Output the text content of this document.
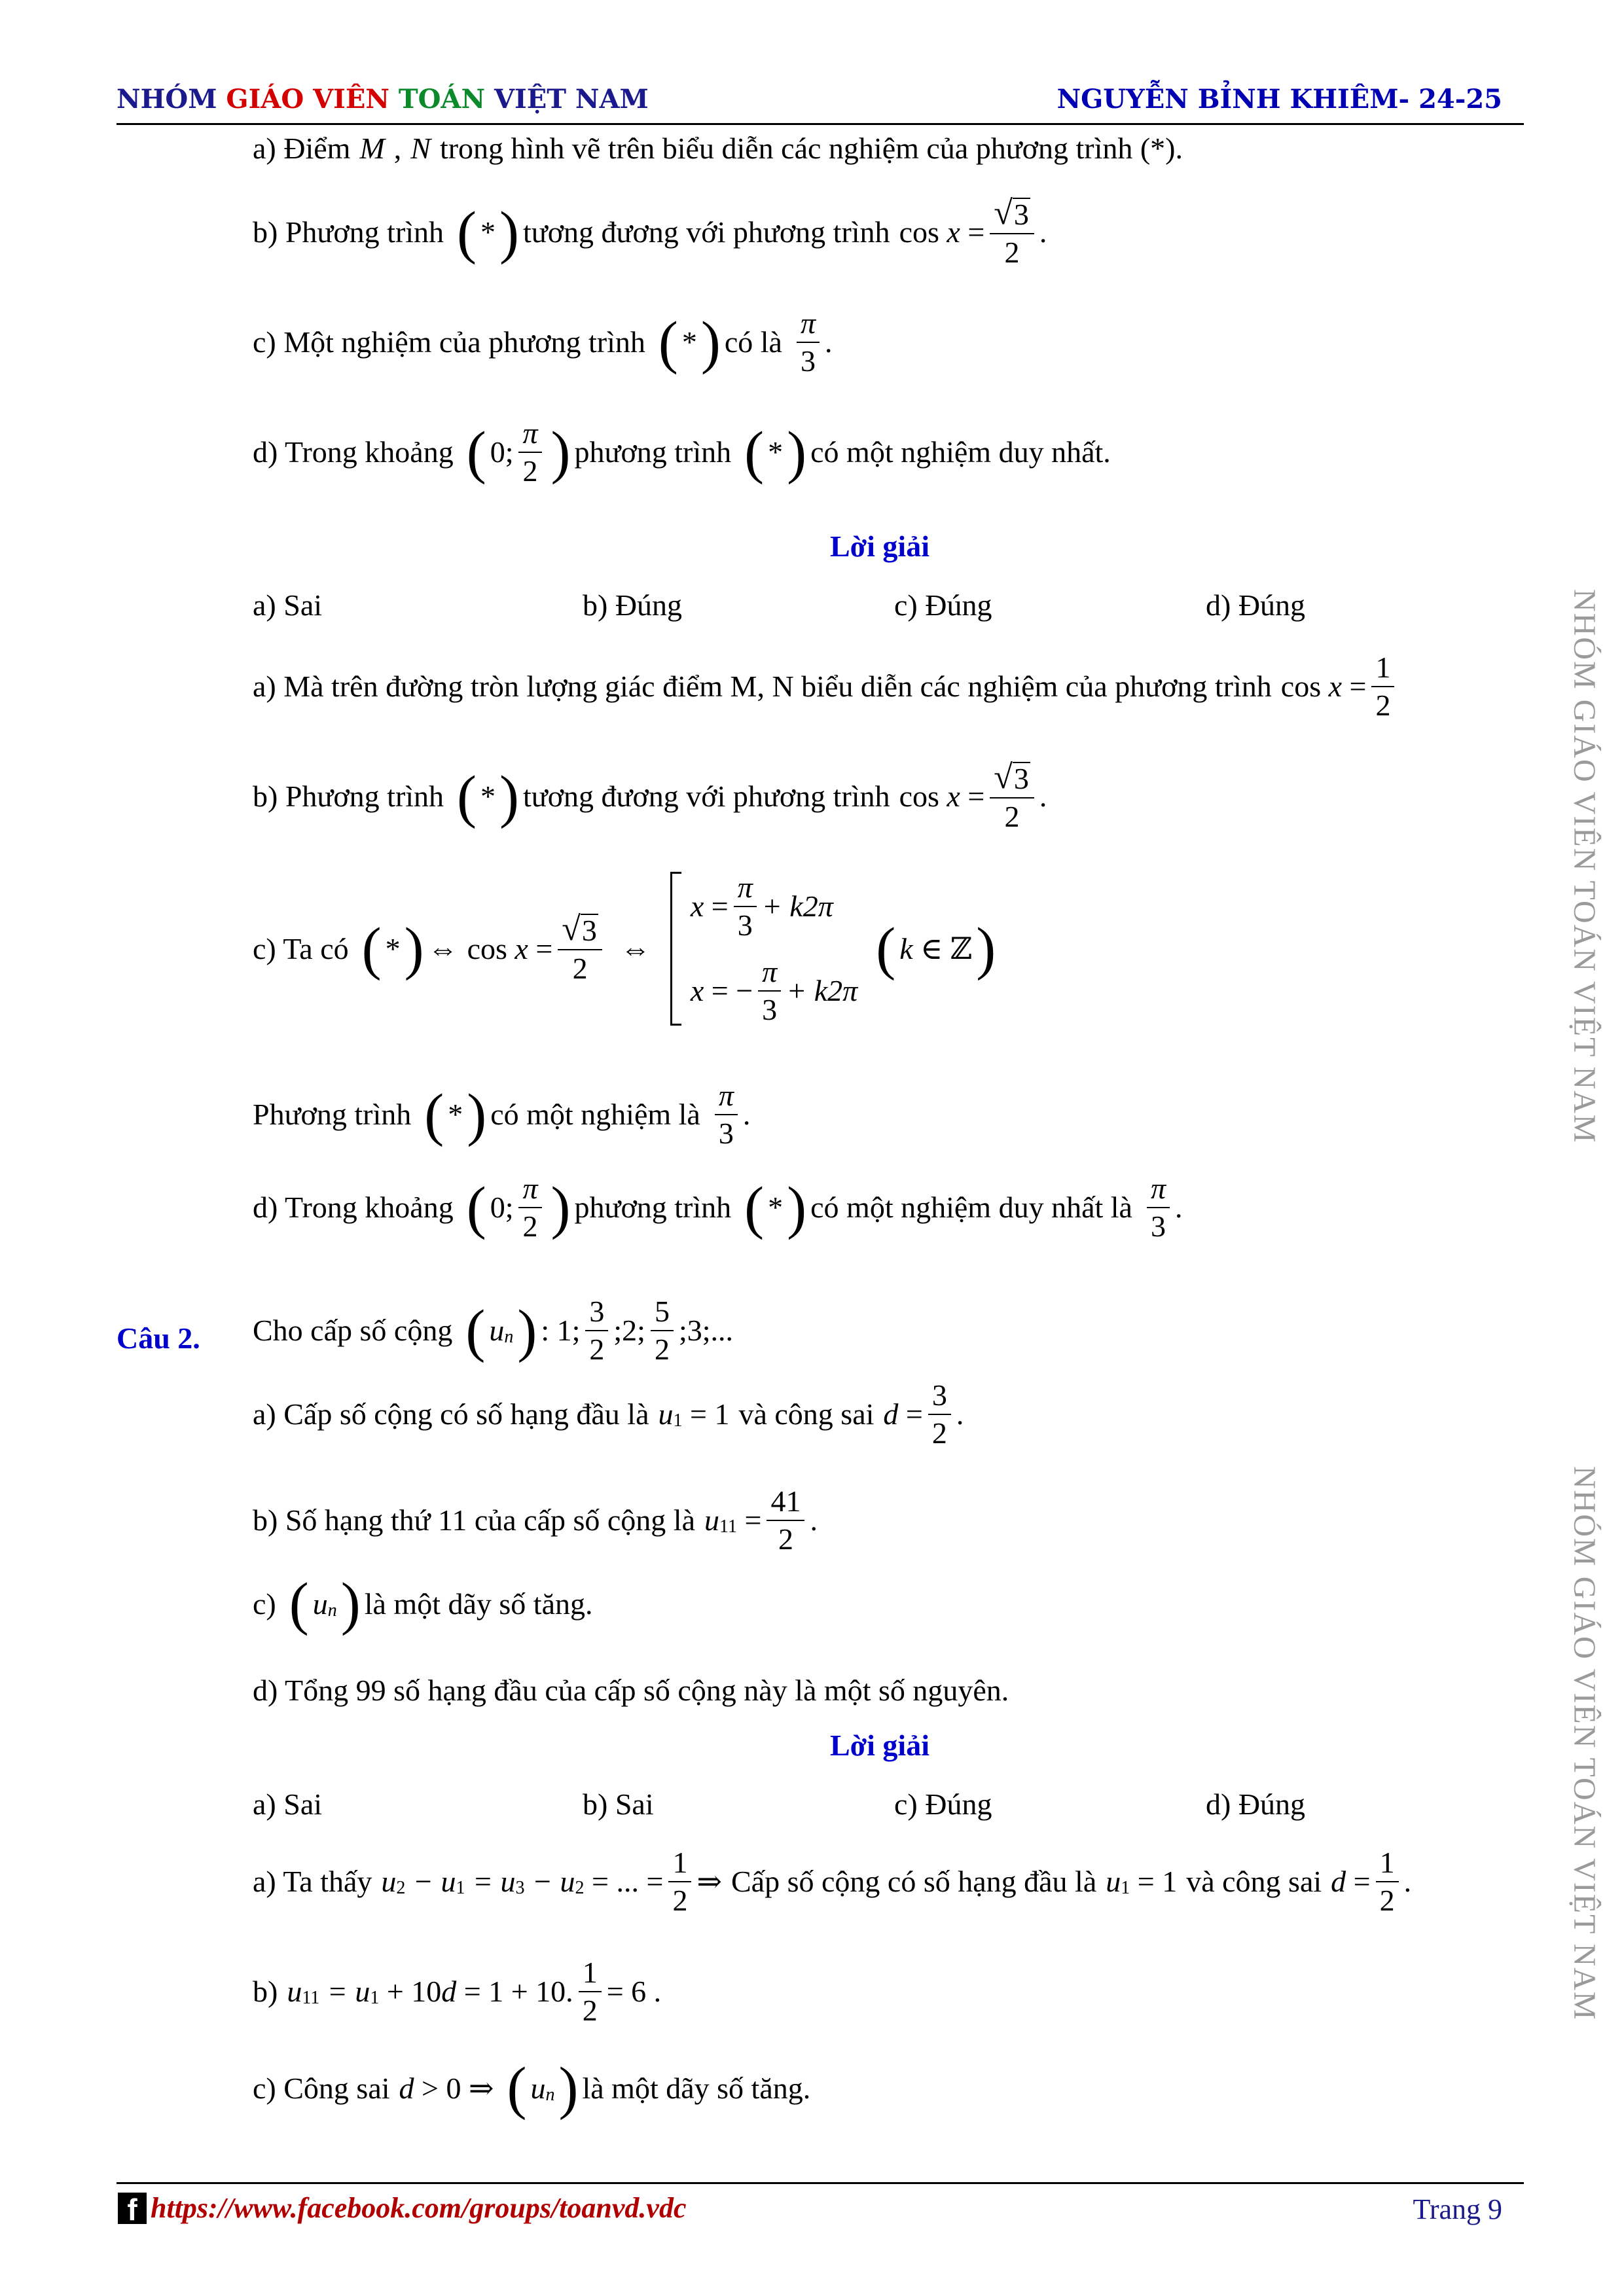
NHÓM GIÁO VIÊN TOÁN VIỆT NAM	NGUYỄN BỈNH KHIÊM- 24-25
a) Điểm M , N trong hình vẽ trên biểu diễn các nghiệm của phương trình (*).
b) Phương trình ( * ) tương đương với phương trình cos
x
= $\frac{√ 3}{2}$ .
c) Một nghiệm của phương trình ( * ) có là $\frac{\pi}{3}$ .
d) Trong khoảng ( 0; $\frac{\pi}{2}$ ) phương trình ( * ) có một nghiệm duy nhất.
Lời giải
a) Sai	b) Đúng	c) Đúng	d) Đúng
a) Mà trên đường tròn lượng giác điểm M, N biểu diễn các nghiệm của phương trình cos
x
= $\frac{1}{2}$
b) Phương trình ( * ) tương đương với phương trình cos
x
= $\frac{√ 3}{2}$ .
c) Ta có ( * ) ⇔ cos
x
= $\frac{√ 3}{2}$ ⇔
x
= $\frac{\pi}{3} + k2\pi$
x
= − $\frac{\pi}{3} + k2\pi$
( k
∈ ℤ )
Phương trình ( * ) có một nghiệm là $\frac{\pi}{3}$ .
d) Trong khoảng ( 0; $\frac{\pi}{2}$ ) phương trình ( * ) có một nghiệm duy nhất là $\frac{\pi}{3}$ .
Câu 2. Cho cấp số cộng ( u n ) : 1; $\frac{3}{2}$ ;2; $\frac{5}{2}$ ;3;...
a) Cấp số cộng có số hạng đầu là u 1
= 1 và công sai d
= $\frac{3}{2}$ .
b) Số hạng thứ 11 của cấp số cộng là u 11
= $\frac{41}{2}$ .
c) ( u n ) là một dãy số tăng.
d) Tổng 99 số hạng đầu của cấp số cộng này là một số nguyên.
Lời giải
a) Sai	b) Sai	c) Đúng	d) Đúng
a) Ta thấy u 2
− u 1
= u 3
− u 2
= ... = $\frac{1}{2}$ ⇒ Cấp số cộng có số hạng đầu là u 1
= 1 và công sai d
= $\frac{1}{2}$ .
b) u 11
= u 1
+ 10 d
= 1 + 10. $\frac{1}{2} = 6$ .
c) Công sai d
> 0 ⇒ ( u n ) là một dãy số tăng.
NHÓM GIÁO VIÊN TOÁN VIỆT NAM
NHÓM GIÁO VIÊN TOÁN VIỆT NAM
f https://www.facebook.com/groups/toanvd.vdc	Trang 9
